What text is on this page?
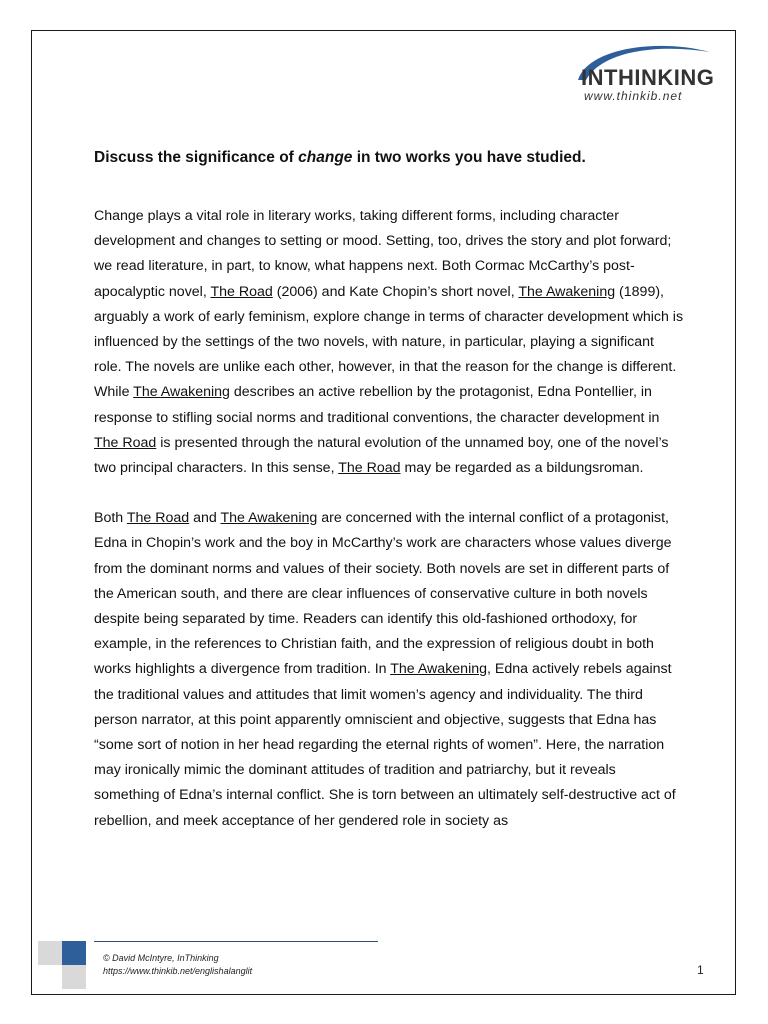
INTHINKING
www.thinkib.net
Discuss the significance of change in two works you have studied.

Change plays a vital role in literary works, taking different forms, including character development and changes to setting or mood. Setting, too, drives the story and plot forward; we read literature, in part, to know, what happens next. Both Cormac McCarthy’s post-apocalyptic novel, The Road (2006) and Kate Chopin’s short novel, The Awakening (1899), arguably a work of early feminism, explore change in terms of character development which is influenced by the settings of the two novels, with nature, in particular, playing a significant role. The novels are unlike each other, however, in that the reason for the change is different. While The Awakening describes an active rebellion by the protagonist, Edna Pontellier, in response to stifling social norms and traditional conventions, the character development in The Road is presented through the natural evolution of the unnamed boy, one of the novel’s two principal characters. In this sense, The Road may be regarded as a bildungsroman.

Both The Road and The Awakening are concerned with the internal conflict of a protagonist, Edna in Chopin’s work and the boy in McCarthy’s work are characters whose values diverge from the dominant norms and values of their society. Both novels are set in different parts of the American south, and there are clear influences of conservative culture in both novels despite being separated by time. Readers can identify this old-fashioned orthodoxy, for example, in the references to Christian faith, and the expression of religious doubt in both works highlights a divergence from tradition. In The Awakening, Edna actively rebels against the traditional values and attitudes that limit women’s agency and individuality. The third person narrator, at this point apparently omniscient and objective, suggests that Edna has “some sort of notion in her head regarding the eternal rights of women”. Here, the narration may ironically mimic the dominant attitudes of tradition and patriarchy, but it reveals something of Edna’s internal conflict. She is torn between an ultimately self-destructive act of rebellion, and meek acceptance of her gendered role in society as

© David McIntyre, InThinking
https://www.thinkib.net/englishalanglit	1
